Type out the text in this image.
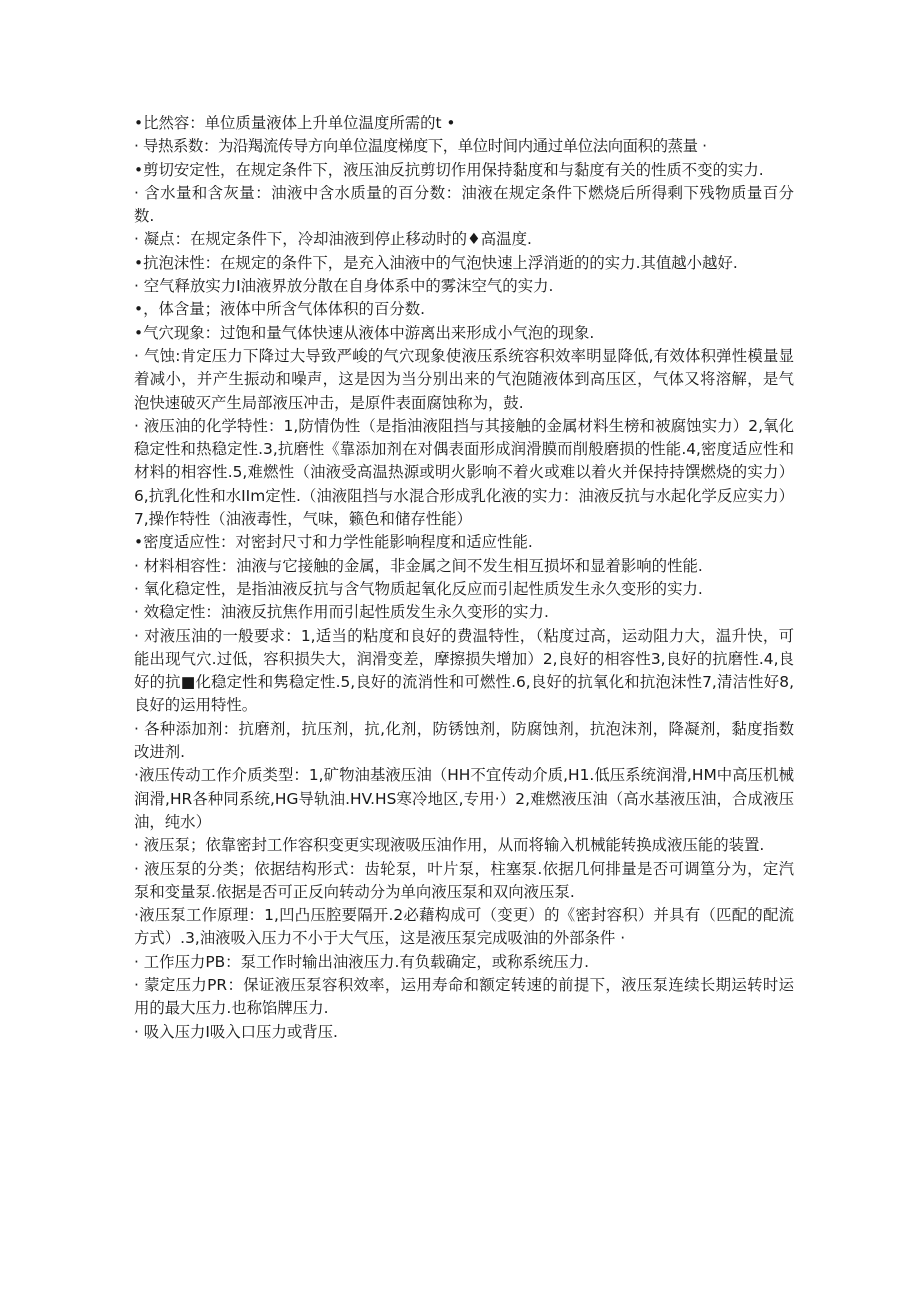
•比然容：单位质量液体上升单位温度所需的t •

· 导热系数：为沿羯流传导方向单位温度梯度下，单位时间内通过单位法向面积的蒸量 ·

•剪切安定性，在规定条件下，液压油反抗剪切作用保持黏度和与黏度有关的性质不变的实力.

· 含水量和含灰量：油液中含水质量的百分数：油液在规定条件下燃烧后所得剩下残物质量百分数.

· 凝点：在规定条件下，冷却油液到停止移动时的♦高温度.

•抗泡沫性：在规定的条件下，是充入油液中的气泡快速上浮消逝的的实力.其值越小越好.

· 空气释放实力I油液界放分散在自身体系中的雾沫空气的实力.

•，体含量；液体中所含气体体积的百分数.

•气穴现象：过饱和量气体快速从液体中游离出来形成小气泡的现象.

· 气蚀:肯定压力下降过大导致严峻的气穴现象使液压系统容积效率明显降低,有效体积弹性模量显着减小，并产生振动和噪声，这是因为当分别出来的气泡随液体到高压区，气体又将溶解，是气泡快速破灭产生局部液压冲击，是原件表面腐蚀称为，鼓.

· 液压油的化学特性：1,防情伪性（是指油液阻挡与其接触的金属材料生榜和被腐蚀实力）2,氧化稳定性和热稳定性.3,抗磨性《靠添加剂在对偶表面形成润滑膜而削般磨损的性能.4,密度适应性和材料的相容性.5,难燃性（油液受高温热源或明火影响不着火或难以着火并保持持馔燃烧的实力）6,抗乳化性和水IIm定性.（油液阻挡与水混合形成乳化液的实力：油液反抗与水起化学反应实力）7,操作特性（油液毒性，气味，籁色和储存性能）

•密度适应性：对密封尺寸和力学性能影响程度和适应性能.

· 材料相容性：油液与它接触的金属，非金属之间不发生相互损坏和显着影响的性能.

· 氧化稳定性，是指油液反抗与含气物质起氧化反应而引起性质发生永久变形的实力.

· 效稳定性：油液反抗焦作用而引起性质发生永久变形的实力.

· 对液压油的一般要求：1,适当的粘度和良好的费温特性，（粘度过高，运动阻力大，温升快，可能出现气穴.过低，容积损失大，润滑变差，摩擦损失增加）2,良好的相容性3,良好的抗磨性.4,良好的抗■化稳定性和隽稳定性.5,良好的流消性和可燃性.6,良好的抗氧化和抗泡沫性7,清洁性好8,良好的运用特性。

· 各种添加剂：抗磨剂，抗压剂，抗,化剂，防锈蚀剂，防腐蚀剂，抗泡沫剂，降凝剂，黏度指数改进剂.

·液压传动工作介质类型：1,矿物油基液压油（HH不宜传动介质,H1.低压系统润滑,HM中高压机械润滑,HR各种同系统,HG导轨油.HV.HS寒冷地区,专用·）2,难燃液压油（高水基液压油，合成液压油，纯水）

· 液压泵；依靠密封工作容积变更实现液吸压油作用，从而将输入机械能转换成液压能的装置.

· 液压泵的分类；依据结构形式：齿轮泵，叶片泵，柱塞泵.依据几何排量是否可调篁分为，定汽泵和变量泵.依据是否可正反向转动分为单向液压泵和双向液压泵.

·液压泵工作原理：1,凹凸压腔要隔开.2必藉构成可（变更）的《密封容积）并具有（匹配的配流方式）.3,油液吸入压力不小于大气压，这是液压泵完成吸油的外部条件 ·

· 工作压力PB：泵工作时输出油液压力.有负载确定，或称系统压力.

· 蒙定压力PR：保证液压泵容积效率，运用寿命和额定转速的前提下，液压泵连续长期运转时运用的最大压力.也称馅牌压力.

· 吸入压力I吸入口压力或背压.
